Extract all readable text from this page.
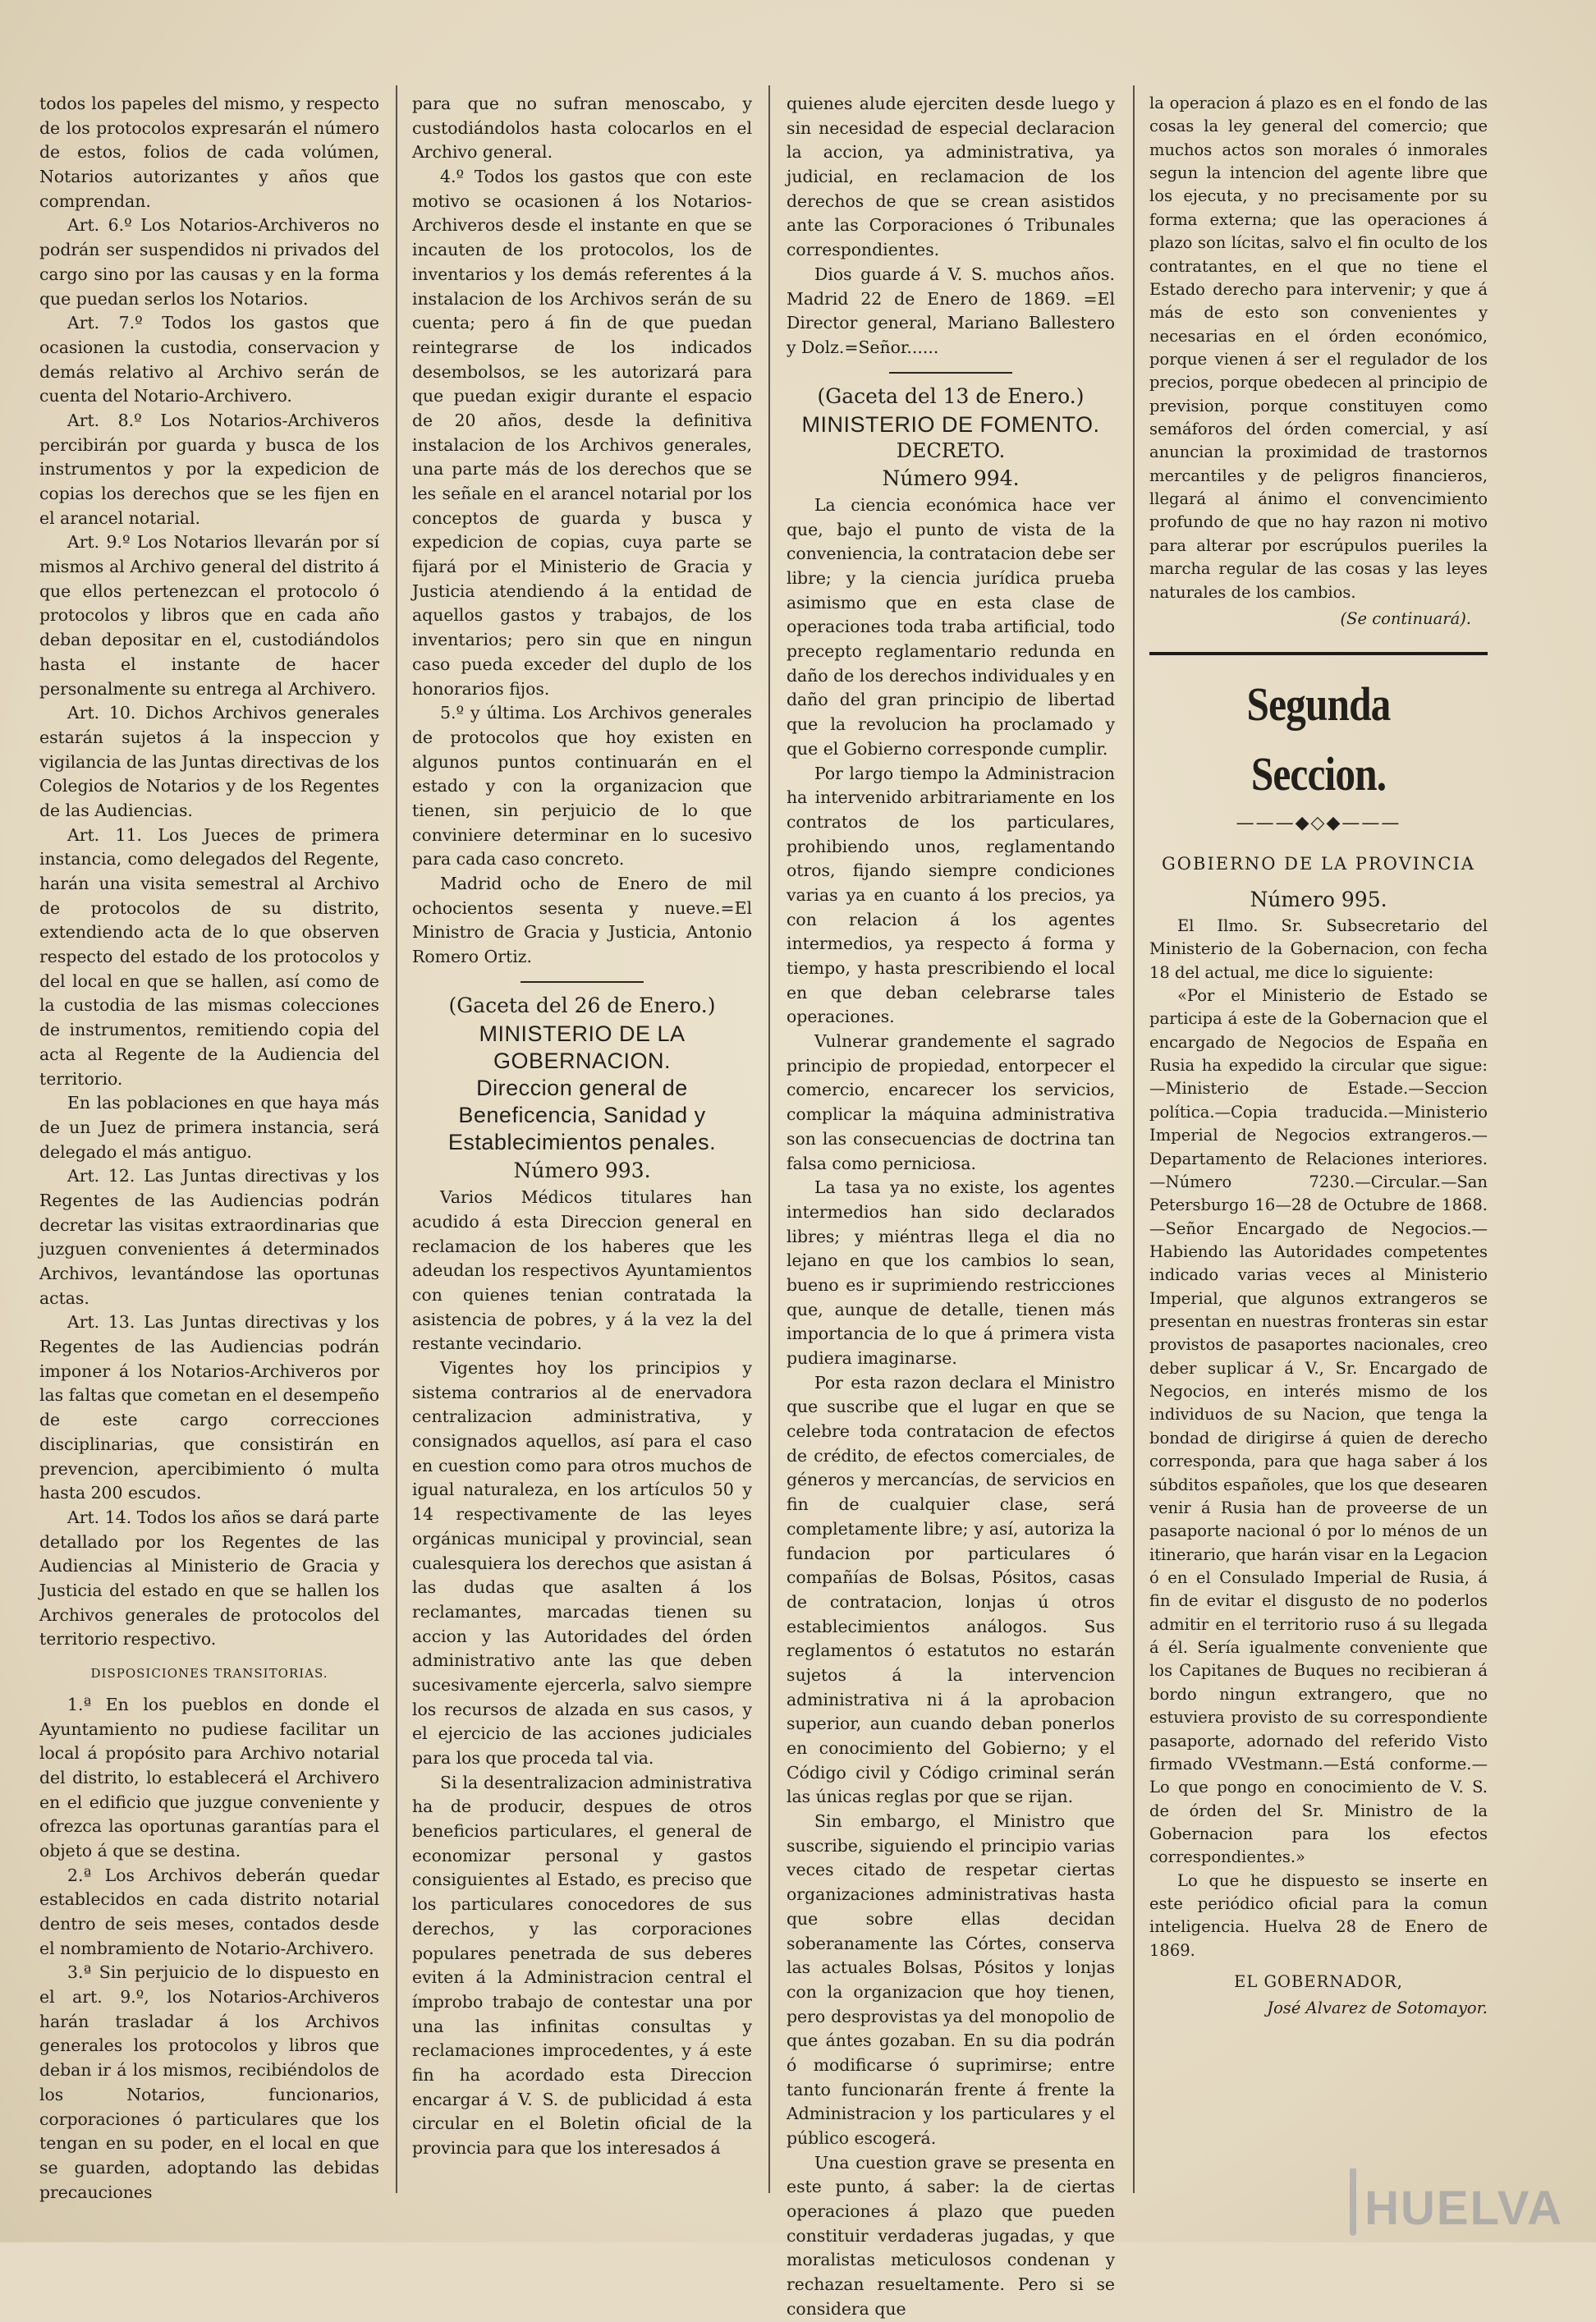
todos los papeles del mismo, y respecto de los protocolos expresarán el número de estos, folios de cada volúmen, Notarios autorizantes y años que comprendan.

Art. 6.º Los Notarios-Archiveros no podrán ser suspendidos ni privados del cargo sino por las causas y en la forma que puedan serlos los Notarios.

Art. 7.º Todos los gastos que ocasionen la custodia, conservacion y demás relativo al Archivo serán de cuenta del Notario-Archivero.

Art. 8.º Los Notarios-Archiveros percibirán por guarda y busca de los instrumentos y por la expedicion de copias los derechos que se les fijen en el arancel notarial.

Art. 9.º Los Notarios llevarán por sí mismos al Archivo general del distrito á que ellos pertenezcan el protocolo ó protocolos y libros que en cada año deban depositar en el, custodiándolos hasta el instante de hacer personalmente su entrega al Archivero.

Art. 10. Dichos Archivos generales estarán sujetos á la inspeccion y vigilancia de las Juntas directivas de los Colegios de Notarios y de los Regentes de las Audiencias.

Art. 11. Los Jueces de primera instancia, como delegados del Regente, harán una visita semestral al Archivo de protocolos de su distrito, extendiendo acta de lo que observen respecto del estado de los protocolos y del local en que se hallen, así como de la custodia de las mismas colecciones de instrumentos, remitiendo copia del acta al Regente de la Audiencia del territorio.

En las poblaciones en que haya más de un Juez de primera instancia, será delegado el más antiguo.

Art. 12. Las Juntas directivas y los Regentes de las Audiencias podrán decretar las visitas extraordinarias que juzguen convenientes á determinados Archivos, levantándose las oportunas actas.

Art. 13. Las Juntas directivas y los Regentes de las Audiencias podrán imponer á los Notarios-Archiveros por las faltas que cometan en el desempeño de este cargo correcciones disciplinarias, que consistirán en prevencion, apercibimiento ó multa hasta 200 escudos.

Art. 14. Todos los años se dará parte detallado por los Regentes de las Audiencias al Ministerio de Gracia y Justicia del estado en que se hallen los Archivos generales de protocolos del territorio respectivo.

DISPOSICIONES TRANSITORIAS.

1.ª En los pueblos en donde el Ayuntamiento no pudiese facilitar un local á propósito para Archivo notarial del distrito, lo establecerá el Archivero en el edificio que juzgue conveniente y ofrezca las oportunas garantías para el objeto á que se destina.

2.ª Los Archivos deberán quedar establecidos en cada distrito notarial dentro de seis meses, contados desde el nombramiento de Notario-Archivero.

3.ª Sin perjuicio de lo dispuesto en el art. 9.º, los Notarios-Archiveros harán trasladar á los Archivos generales los protocolos y libros que deban ir á los mismos, recibiéndolos de los Notarios, funcionarios, corporaciones ó particulares que los tengan en su poder, en el local en que se guarden, adoptando las debidas precauciones

para que no sufran menoscabo, y custodiándolos hasta colocarlos en el Archivo general.

4.º Todos los gastos que con este motivo se ocasionen á los Notarios-Archiveros desde el instante en que se incauten de los protocolos, los de inventarios y los demás referentes á la instalacion de los Archivos serán de su cuenta; pero á fin de que puedan reintegrarse de los indicados desembolsos, se les autorizará para que puedan exigir durante el espacio de 20 años, desde la definitiva instalacion de los Archivos generales, una parte más de los derechos que se les señale en el arancel notarial por los conceptos de guarda y busca y expedicion de copias, cuya parte se fijará por el Ministerio de Gracia y Justicia atendiendo á la entidad de aquellos gastos y trabajos, de los inventarios; pero sin que en ningun caso pueda exceder del duplo de los honorarios fijos.

5.º y última. Los Archivos generales de protocolos que hoy existen en algunos puntos continuarán en el estado y con la organizacion que tienen, sin perjuicio de lo que conviniere determinar en lo sucesivo para cada caso concreto.

Madrid ocho de Enero de mil ochocientos sesenta y nueve.=El Ministro de Gracia y Justicia, Antonio Romero Ortiz.

(Gaceta del 26 de Enero.)
MINISTERIO DE LA GOBERNACION.
Direccion general de Beneficencia, Sanidad y Establecimientos penales.
Número 993.

Varios Médicos titulares han acudido á esta Direccion general en reclamacion de los haberes que les adeudan los respectivos Ayuntamientos con quienes tenian contratada la asistencia de pobres, y á la vez la del restante vecindario.

Vigentes hoy los principios y sistema contrarios al de enervadora centralizacion administrativa, y consignados aquellos, así para el caso en cuestion como para otros muchos de igual naturaleza, en los artículos 50 y 14 respectivamente de las leyes orgánicas municipal y provincial, sean cualesquiera los derechos que asistan á las dudas que asalten á los reclamantes, marcadas tienen su accion y las Autoridades del órden administrativo ante las que deben sucesivamente ejercerla, salvo siempre los recursos de alzada en sus casos, y el ejercicio de las acciones judiciales para los que proceda tal via.

Si la desentralizacion administrativa ha de producir, despues de otros beneficios particulares, el general de economizar personal y gastos consiguientes al Estado, es preciso que los particulares conocedores de sus derechos, y las corporaciones populares penetrada de sus deberes eviten á la Administracion central el ímprobo trabajo de contestar una por una las infinitas consultas y reclamaciones improcedentes, y á este fin ha acordado esta Direccion encargar á V. S. de publicidad á esta circular en el Boletin oficial de la provincia para que los interesados á

quienes alude ejerciten desde luego y sin necesidad de especial declaracion la accion, ya administrativa, ya judicial, en reclamacion de los derechos de que se crean asistidos ante las Corporaciones ó Tribunales correspondientes.

Dios guarde á V. S. muchos años. Madrid 22 de Enero de 1869. =El Director general, Mariano Ballestero y Dolz.=Señor......

(Gaceta del 13 de Enero.)
MINISTERIO DE FOMENTO.
DECRETO.
Número 994.

La ciencia económica hace ver que, bajo el punto de vista de la conveniencia, la contratacion debe ser libre; y la ciencia jurídica prueba asimismo que en esta clase de operaciones toda traba artificial, todo precepto reglamentario redunda en daño de los derechos individuales y en daño del gran principio de libertad que la revolucion ha proclamado y que el Gobierno corresponde cumplir.

Por largo tiempo la Administracion ha intervenido arbitrariamente en los contratos de los particulares, prohibiendo unos, reglamentando otros, fijando siempre condiciones varias ya en cuanto á los precios, ya con relacion á los agentes intermedios, ya respecto á forma y tiempo, y hasta prescribiendo el local en que deban celebrarse tales operaciones.

Vulnerar grandemente el sagrado principio de propiedad, entorpecer el comercio, encarecer los servicios, complicar la máquina administrativa son las consecuencias de doctrina tan falsa como perniciosa.

La tasa ya no existe, los agentes intermedios han sido declarados libres; y miéntras llega el dia no lejano en que los cambios lo sean, bueno es ir suprimiendo restricciones que, aunque de detalle, tienen más importancia de lo que á primera vista pudiera imaginarse.

Por esta razon declara el Ministro que suscribe que el lugar en que se celebre toda contratacion de efectos de crédito, de efectos comerciales, de géneros y mercancías, de servicios en fin de cualquier clase, será completamente libre; y así, autoriza la fundacion por particulares ó compañías de Bolsas, Pósitos, casas de contratacion, lonjas ú otros establecimientos análogos. Sus reglamentos ó estatutos no estarán sujetos á la intervencion administrativa ni á la aprobacion superior, aun cuando deban ponerlos en conocimiento del Gobierno; y el Código civil y Código criminal serán las únicas reglas por que se rijan.

Sin embargo, el Ministro que suscribe, siguiendo el principio varias veces citado de respetar ciertas organizaciones administrativas hasta que sobre ellas decidan soberanamente las Córtes, conserva las actuales Bolsas, Pósitos y lonjas con la organizacion que hoy tienen, pero desprovistas ya del monopolio de que ántes gozaban. En su dia podrán ó modificarse ó suprimirse; entre tanto funcionarán frente á frente la Administracion y los particulares y el público escogerá.

Una cuestion grave se presenta en este punto, á saber: la de ciertas operaciones á plazo que pueden constituir verdaderas jugadas, y que moralistas meticulosos condenan y rechazan resueltamente. Pero si se considera que

la operacion á plazo es en el fondo de las cosas la ley general del comercio; que muchos actos son morales ó inmorales segun la intencion del agente libre que los ejecuta, y no precisamente por su forma externa; que las operaciones á plazo son lícitas, salvo el fin oculto de los contratantes, en el que no tiene el Estado derecho para intervenir; y que á más de esto son convenientes y necesarias en el órden económico, porque vienen á ser el regulador de los precios, porque obedecen al principio de prevision, porque constituyen como semáforos del órden comercial, y así anuncian la proximidad de trastornos mercantiles y de peligros financieros, llegará al ánimo el convencimiento profundo de que no hay razon ni motivo para alterar por escrúpulos pueriles la marcha regular de las cosas y las leyes naturales de los cambios.

(Se continuará).
Segunda Seccion.
———◆◇◆———
GOBIERNO DE LA PROVINCIA
Número 995.

El Ilmo. Sr. Subsecretario del Ministerio de la Gobernacion, con fecha 18 del actual, me dice lo siguiente:

«Por el Ministerio de Estado se participa á este de la Gobernacion que el encargado de Negocios de España en Rusia ha expedido la circular que sigue:—Ministerio de Estade.—Seccion política.—Copia traducida.—Ministerio Imperial de Negocios extrangeros.—Departamento de Relaciones interiores.—Número 7230.—Circular.—San Petersburgo 16—28 de Octubre de 1868.—Señor Encargado de Negocios.—Habiendo las Autoridades competentes indicado varias veces al Ministerio Imperial, que algunos extrangeros se presentan en nuestras fronteras sin estar provistos de pasaportes nacionales, creo deber suplicar á V., Sr. Encargado de Negocios, en interés mismo de los individuos de su Nacion, que tenga la bondad de dirigirse á quien de derecho corresponda, para que haga saber á los súbditos españoles, que los que desearen venir á Rusia han de proveerse de un pasaporte nacional ó por lo ménos de un itinerario, que harán visar en la Legacion ó en el Consulado Imperial de Rusia, á fin de evitar el disgusto de no poderlos admitir en el territorio ruso á su llegada á él. Sería igualmente conveniente que los Capitanes de Buques no recibieran á bordo ningun extrangero, que no estuviera provisto de su correspondiente pasaporte, adornado del referido Visto firmado VVestmann.—Está conforme.—Lo que pongo en conocimiento de V. S. de órden del Sr. Ministro de la Gobernacion para los efectos correspondientes.»

Lo que he dispuesto se inserte en este periódico oficial para la comun inteligencia. Huelva 28 de Enero de 1869.

EL GOBERNADOR,
José Alvarez de Sotomayor.
HUELVA
